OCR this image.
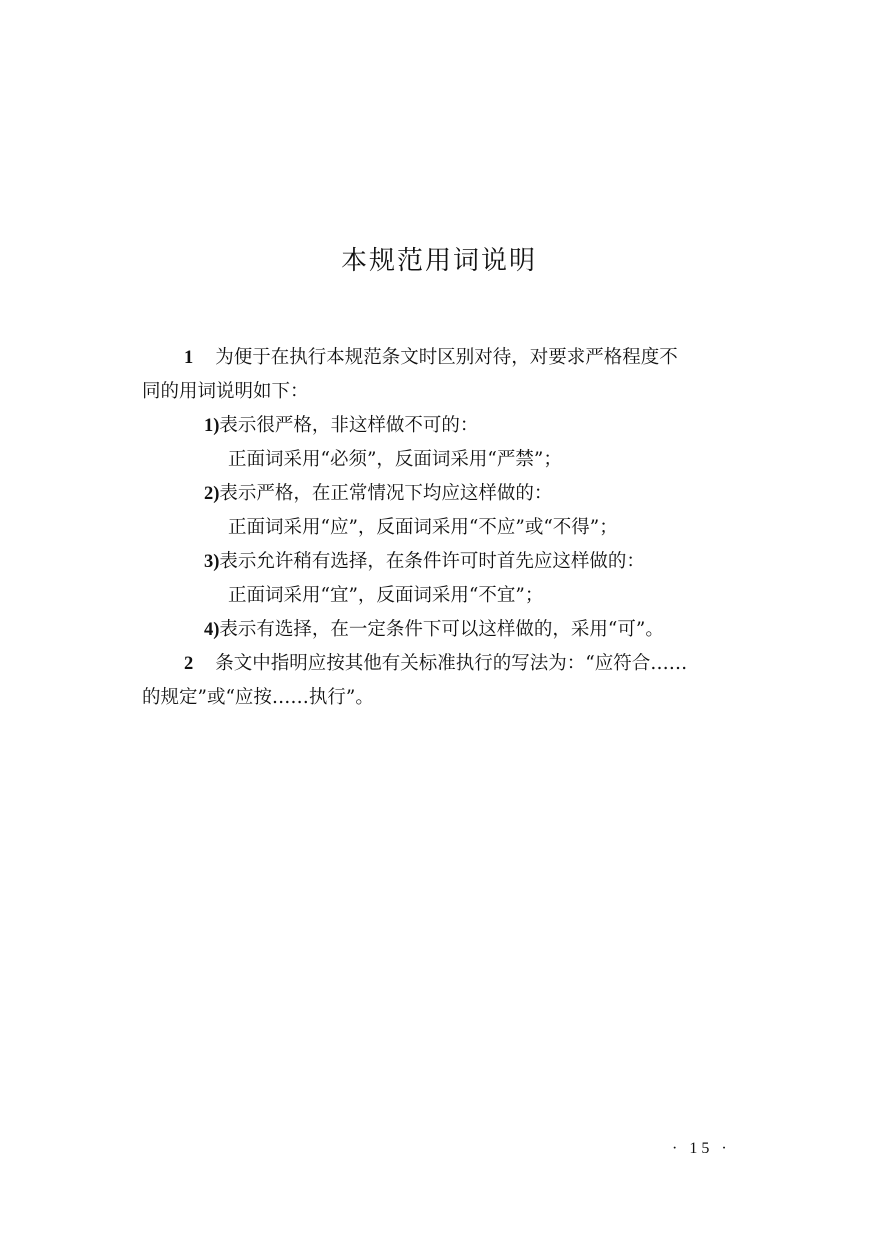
本规范用词说明
1 为便于在执行本规范条文时区别对待，对要求严格程度不
同的用词说明如下：
1)表示很严格，非这样做不可的：
正面词采用“必须”，反面词采用“严禁”；
2)表示严格，在正常情况下均应这样做的：
正面词采用“应”，反面词采用“不应”或“不得”；
3)表示允许稍有选择，在条件许可时首先应这样做的：
正面词采用“宜”，反面词采用“不宜”；
4)表示有选择，在一定条件下可以这样做的，采用“可”。
2 条文中指明应按其他有关标准执行的写法为：“应符合……
的规定”或“应按……执行”。
· 15 ·
